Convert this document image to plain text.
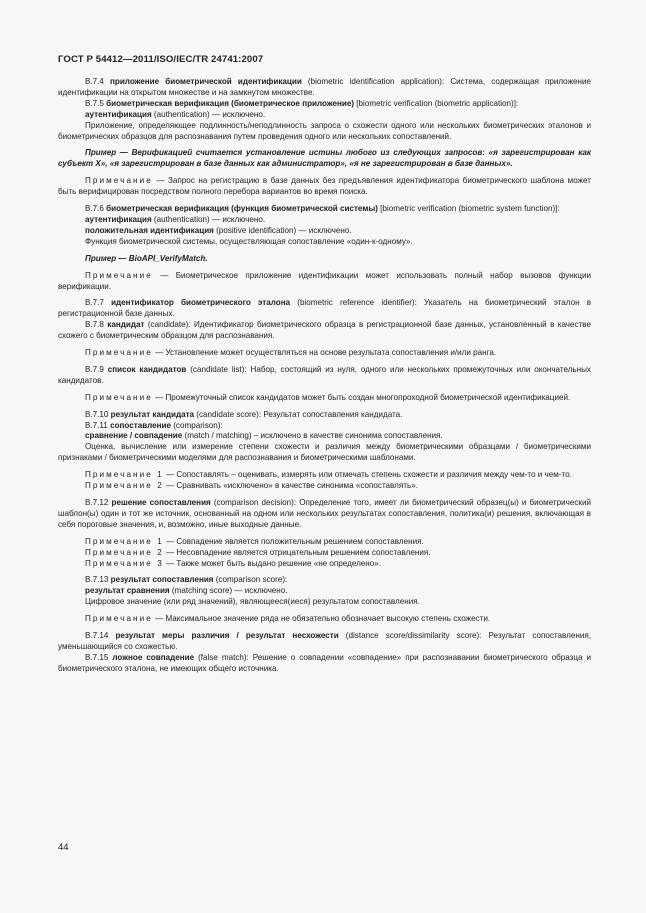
ГОСТ Р 54412—2011/ISO/IEC/TR 24741:2007

В.7.4 приложение биометрической идентификации (biometric identification application): Система, содержащая приложение идентификации на открытом множестве и на замкнутом множестве.

В.7.5 биометрическая верификация (биометрическое приложение) [biometric verification (biometric application)]:

аутентификация (authentication) — исключено.

Приложение, определяющее подлинность/неподлинность запроса о схожести одного или нескольких биометрических эталонов и биометрических образцов для распознавания путем проведения одного или нескольких сопоставлений.

Пример — Верификацией считается установление истины любого из следующих запросов: «я зарегистрирован как субъект X», «я зарегистрирован в базе данных как администратор», «я не зарегистрирован в базе данных».

Примечание — Запрос на регистрацию в базе данных без предъявления идентификатора биометрического шаблона может быть верифицирован посредством полного перебора вариантов во время поиска.

В.7.6 биометрическая верификация (функция биометрической системы) [biometric verification (biometric system function)]:

аутентификация (authentication) — исключено.

положительная идентификация (positive identification) — исключено.

Функция биометрической системы, осуществляющая сопоставление «один-к-одному».

Пример — BioAPI_VerifyMatch.

Примечание — Биометрическое приложение идентификации может использовать полный набор вызовов функции верификации.

В.7.7 идентификатор биометрического эталона (biometric reference identifier): Указатель на биометрический эталон в регистрационной базе данных.

В.7.8 кандидат (candidate): Идентификатор биометрического образца в регистрационной базе данных, установленный в качестве схожего с биометрическим образцом для распознавания.

Примечание — Установление может осуществляться на основе результата сопоставления и/или ранга.

В.7.9 список кандидатов (candidate list): Набор, состоящий из нуля, одного или нескольких промежуточных или окончательных кандидатов.

Примечание — Промежуточный список кандидатов может быть создан многопроходной биометрической идентификацией.

В.7.10 результат кандидата (candidate score): Результат сопоставления кандидата.

В.7.11 сопоставление (comparison):

сравнение / совпадение (match / matching) – исключено в качестве синонима сопоставления.

Оценка, вычисление или измерение степени схожести и различия между биометрическими образцами / биометрическими признаками / биометрическими моделями для распознавания и биометрическими шаблонами.

Примечание 1 — Сопоставлять – оценивать, измерять или отмечать степень схожести и различия между чем-то и чем-то.

Примечание 2 — Сравнивать «исключено» в качестве синонима «сопоставлять».

В.7.12 решение сопоставления (comparison decision): Определение того, имеет ли биометрический образец(ы) и биометрический шаблон(ы) один и тот же источник, основанный на одном или нескольких результатах сопоставления, политика(и) решения, включающая в себя пороговые значения, и, возможно, иные выходные данные.

Примечание 1 — Совпадение является положительным решением сопоставления.

Примечание 2 — Несовпадение является отрицательным решением сопоставления.

Примечание 3 — Также может быть выдано решение «не определено».

В.7.13 результат сопоставления (comparison score):

результат сравнения (matching score) — исключено.

Цифровое значение (или ряд значений), являющееся(иеся) результатом сопоставления.

Примечание — Максимальное значение ряда не обязательно обозначает высокую степень схожести.

В.7.14 результат меры различия / результат несхожести (distance score/dissimilarity score): Результат сопоставления, уменьшающийся со схожестью.

В.7.15 ложное совпадение (false match): Решение о совпадении «совпадение» при распознавании биометрического образца и биометрического эталона, не имеющих общего источника.

44
